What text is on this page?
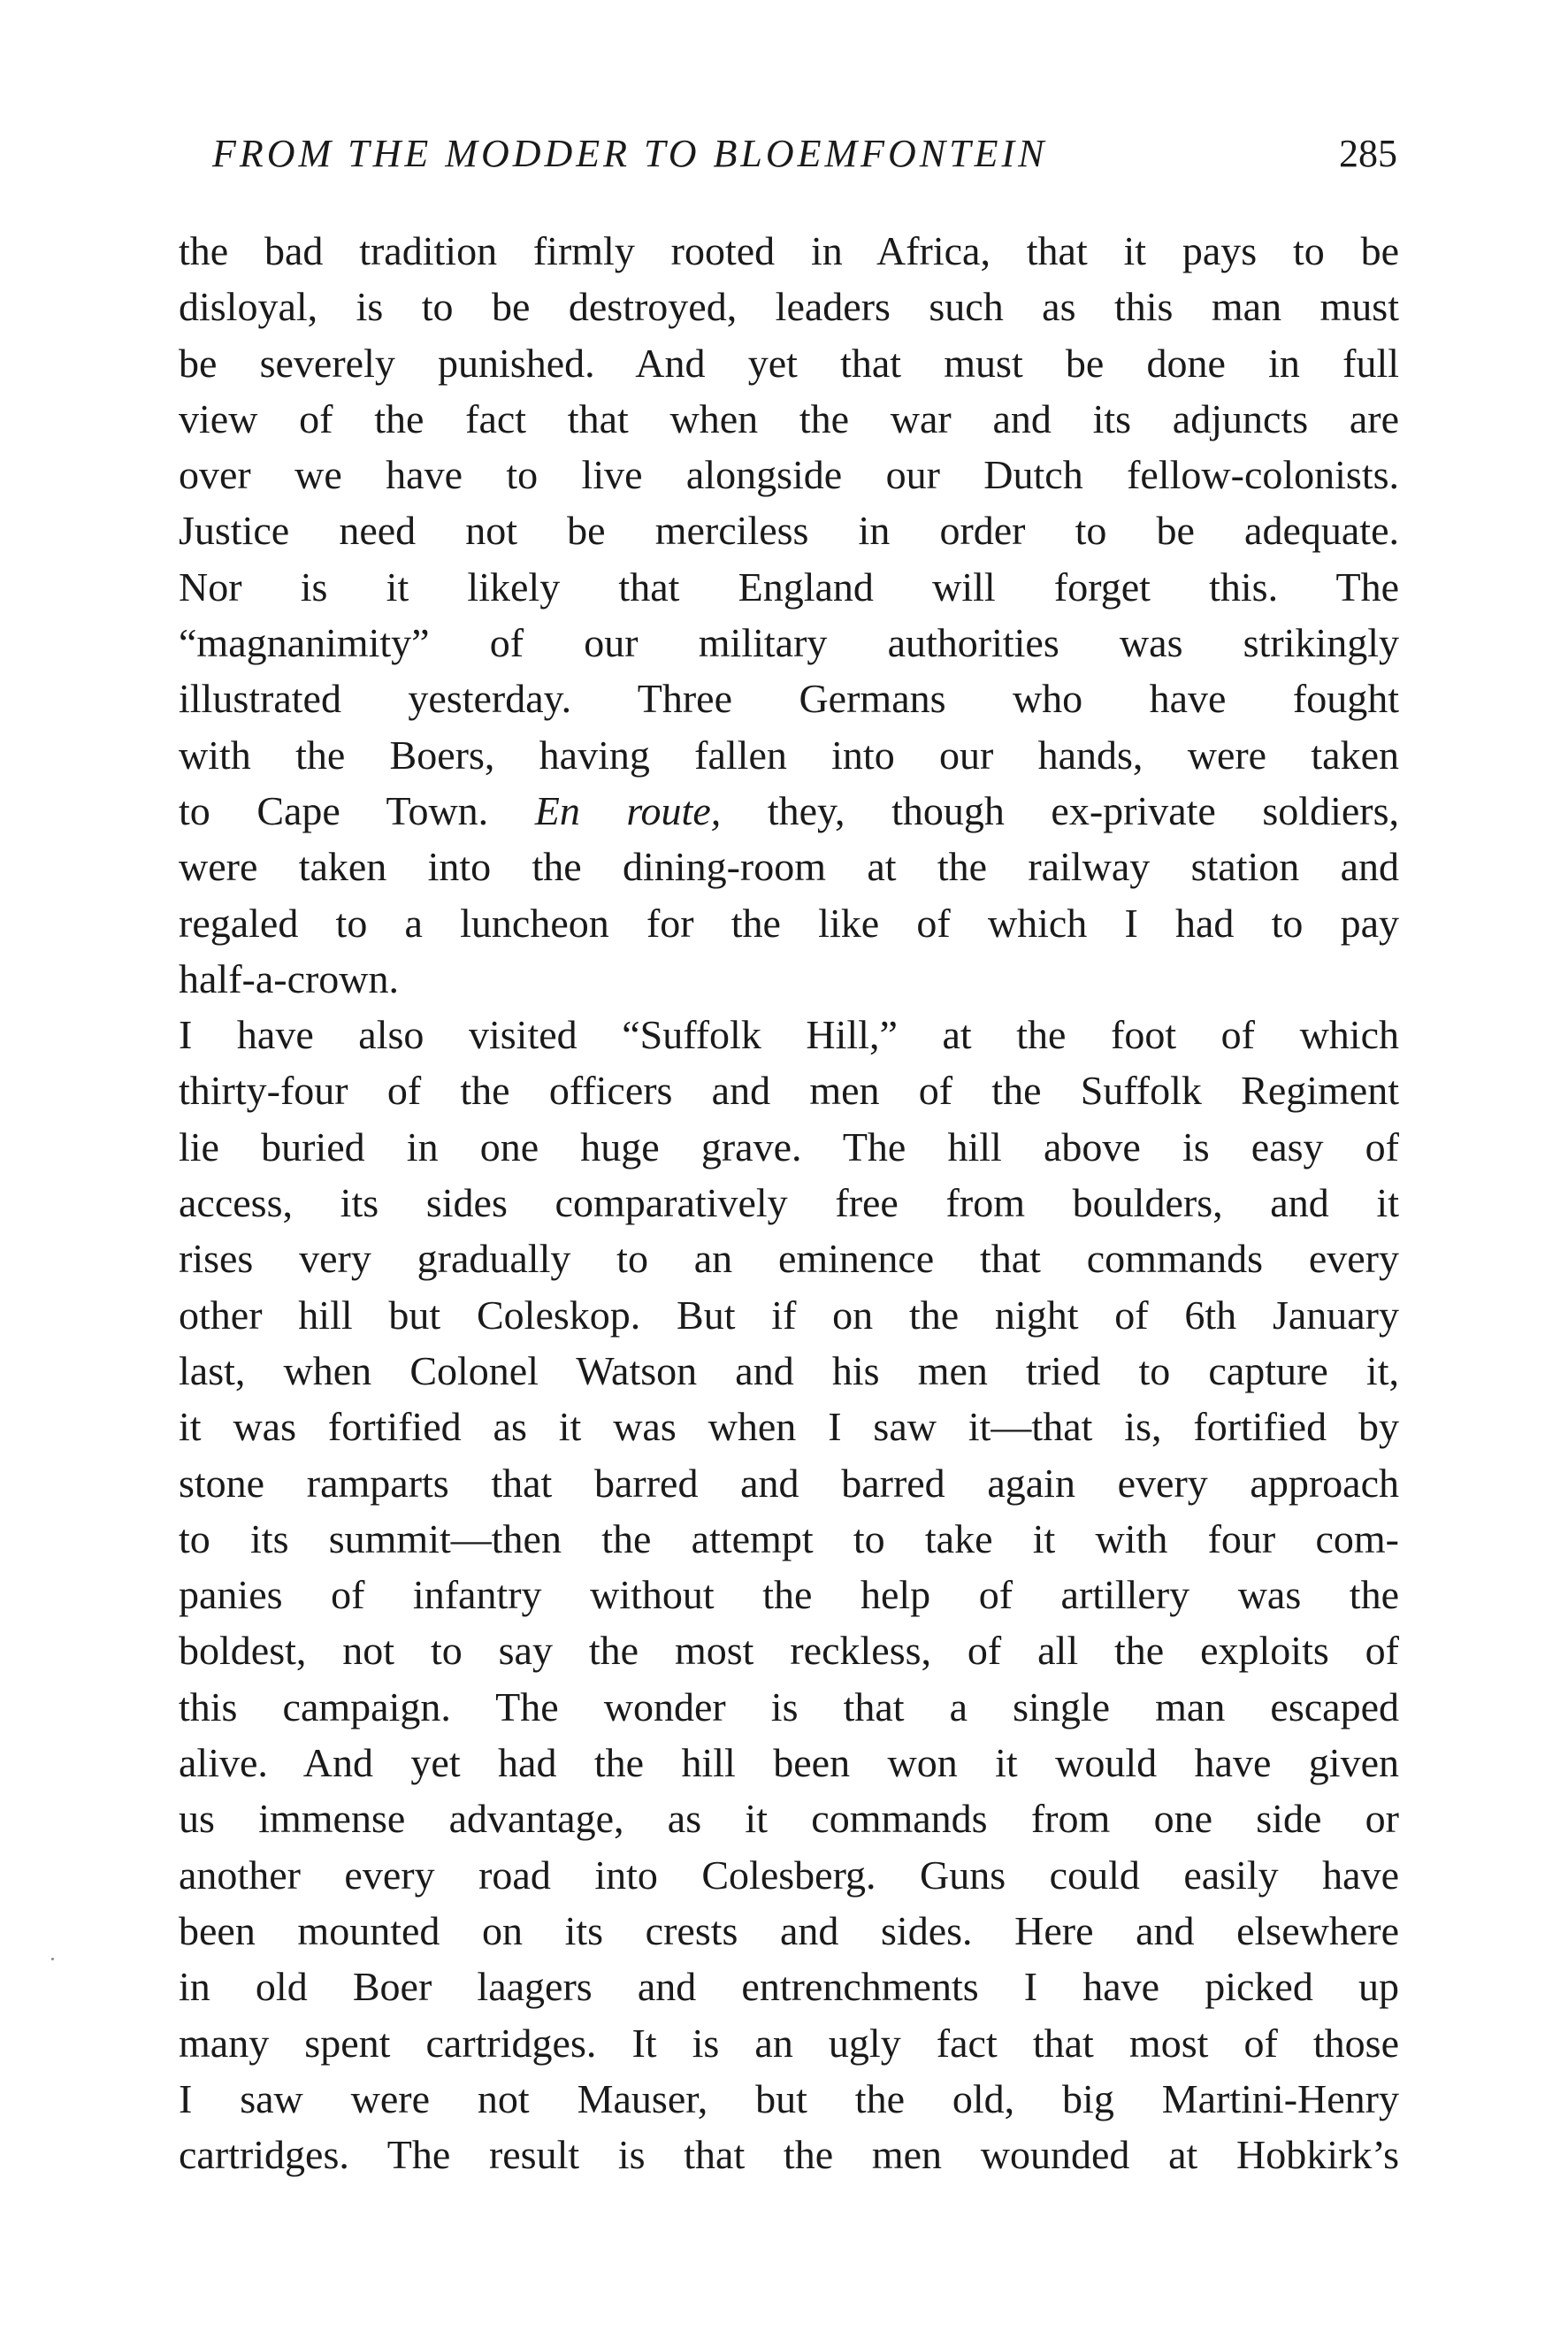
FROM THE MODDER TO BLOEMFONTEIN	285
the bad tradition firmly rooted in Africa, that it pays to be
disloyal, is to be destroyed, leaders such as this man must
be severely punished. And yet that must be done in full
view of the fact that when the war and its adjuncts are
over we have to live alongside our Dutch fellow-colonists.
Justice need not be merciless in order to be adequate.
Nor is it likely that England will forget this. The
“magnanimity” of our military authorities was strikingly
illustrated yesterday. Three Germans who have fought
with the Boers, having fallen into our hands, were taken
to Cape Town. En route, they, though ex-private soldiers,
were taken into the dining-room at the railway station and
regaled to a luncheon for the like of which I had to pay
half-a-crown.
I have also visited “Suffolk Hill,” at the foot of which
thirty-four of the officers and men of the Suffolk Regiment
lie buried in one huge grave. The hill above is easy of
access, its sides comparatively free from boulders, and it
rises very gradually to an eminence that commands every
other hill but Coleskop. But if on the night of 6th January
last, when Colonel Watson and his men tried to capture it,
it was fortified as it was when I saw it—that is, fortified by
stone ramparts that barred and barred again every approach
to its summit—then the attempt to take it with four com-
panies of infantry without the help of artillery was the
boldest, not to say the most reckless, of all the exploits of
this campaign. The wonder is that a single man escaped
alive. And yet had the hill been won it would have given
us immense advantage, as it commands from one side or
another every road into Colesberg. Guns could easily have
been mounted on its crests and sides. Here and elsewhere
in old Boer laagers and entrenchments I have picked up
many spent cartridges. It is an ugly fact that most of those
I saw were not Mauser, but the old, big Martini-Henry
cartridges. The result is that the men wounded at Hobkirk’s
